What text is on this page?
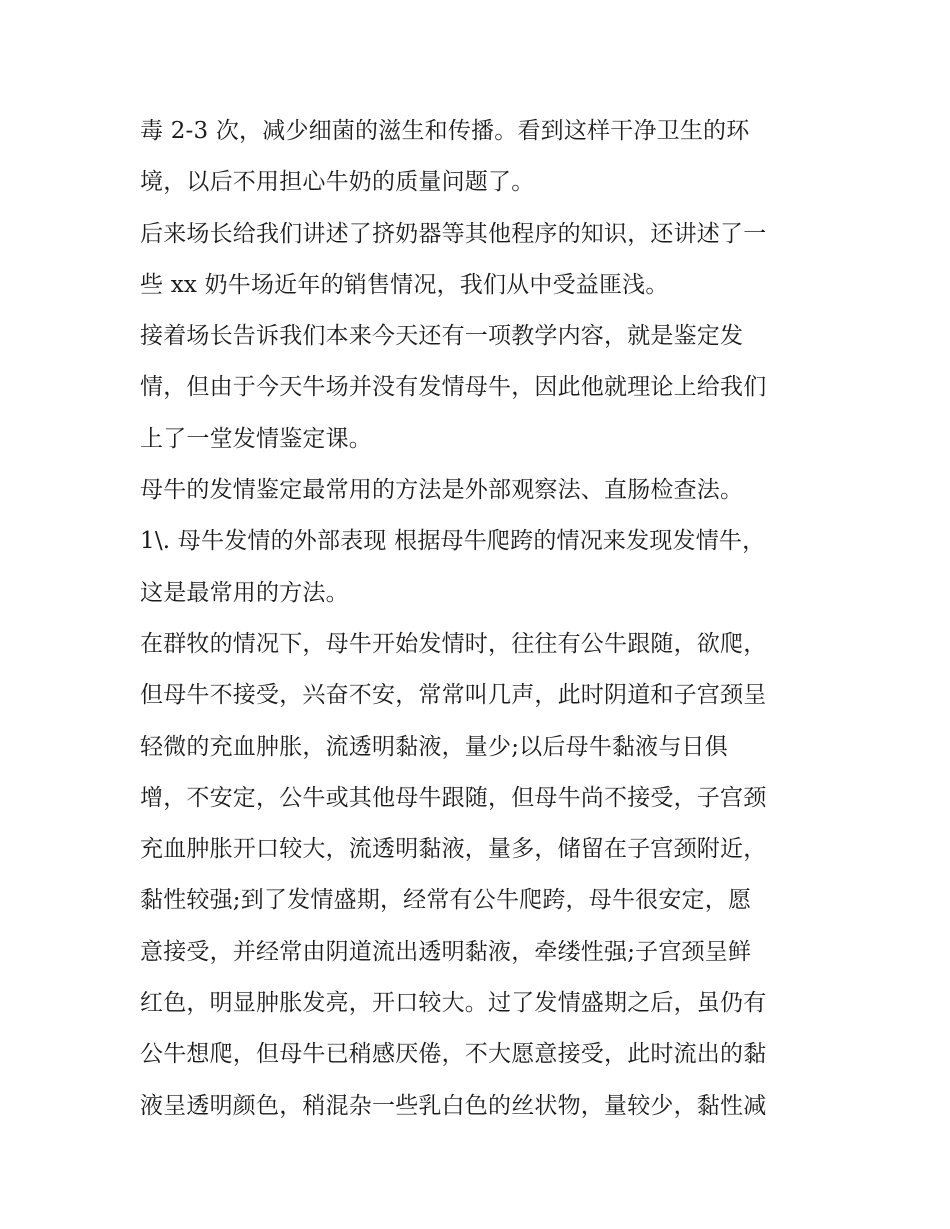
毒 2-3 次，减少细菌的滋生和传播。看到这样干净卫生的环
境，以后不用担心牛奶的质量问题了。
后来场长给我们讲述了挤奶器等其他程序的知识，还讲述了一
些 xx 奶牛场近年的销售情况，我们从中受益匪浅。
接着场长告诉我们本来今天还有一项教学内容，就是鉴定发
情，但由于今天牛场并没有发情母牛，因此他就理论上给我们
上了一堂发情鉴定课。
母牛的发情鉴定最常用的方法是外部观察法、直肠检查法。
1\. 母牛发情的外部表现 根据母牛爬跨的情况来发现发情牛，
这是最常用的方法。
在群牧的情况下，母牛开始发情时，往往有公牛跟随，欲爬，
但母牛不接受，兴奋不安，常常叫几声，此时阴道和子宫颈呈
轻微的充血肿胀，流透明黏液，量少;以后母牛黏液与日俱
增，不安定，公牛或其他母牛跟随，但母牛尚不接受，子宫颈
充血肿胀开口较大，流透明黏液，量多，储留在子宫颈附近，
黏性较强;到了发情盛期，经常有公牛爬跨，母牛很安定，愿
意接受，并经常由阴道流出透明黏液，牵缕性强;子宫颈呈鲜
红色，明显肿胀发亮，开口较大。过了发情盛期之后，虽仍有
公牛想爬，但母牛已稍感厌倦，不大愿意接受，此时流出的黏
液呈透明颜色，稍混杂一些乳白色的丝状物，量较少，黏性减
